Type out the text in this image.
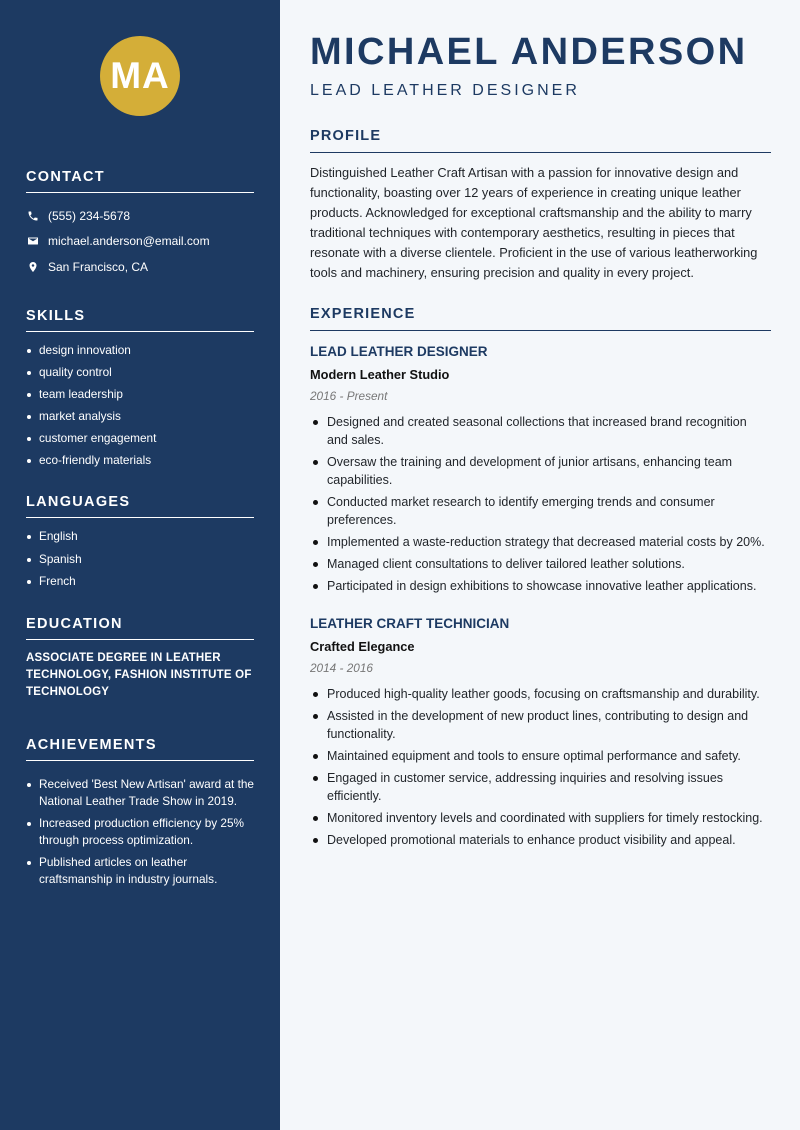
MA
CONTACT
(555) 234-5678
michael.anderson@email.com
San Francisco, CA
SKILLS
design innovation
quality control
team leadership
market analysis
customer engagement
eco-friendly materials
LANGUAGES
English
Spanish
French
EDUCATION

ASSOCIATE DEGREE IN LEATHER TECHNOLOGY, FASHION INSTITUTE OF TECHNOLOGY

ACHIEVEMENTS
Received 'Best New Artisan' award at the National Leather Trade Show in 2019.
Increased production efficiency by 25% through process optimization.
Published articles on leather craftsmanship in industry journals.
MICHAEL ANDERSON
LEAD LEATHER DESIGNER
PROFILE

Distinguished Leather Craft Artisan with a passion for innovative design and functionality, boasting over 12 years of experience in creating unique leather products. Acknowledged for exceptional craftsmanship and the ability to marry traditional techniques with contemporary aesthetics, resulting in pieces that resonate with a diverse clientele. Proficient in the use of various leatherworking tools and machinery, ensuring precision and quality in every project.

EXPERIENCE
LEAD LEATHER DESIGNER
Modern Leather Studio
2016 - Present
Designed and created seasonal collections that increased brand recognition and sales.
Oversaw the training and development of junior artisans, enhancing team capabilities.
Conducted market research to identify emerging trends and consumer preferences.
Implemented a waste-reduction strategy that decreased material costs by 20%.
Managed client consultations to deliver tailored leather solutions.
Participated in design exhibitions to showcase innovative leather applications.
LEATHER CRAFT TECHNICIAN
Crafted Elegance
2014 - 2016
Produced high-quality leather goods, focusing on craftsmanship and durability.
Assisted in the development of new product lines, contributing to design and functionality.
Maintained equipment and tools to ensure optimal performance and safety.
Engaged in customer service, addressing inquiries and resolving issues efficiently.
Monitored inventory levels and coordinated with suppliers for timely restocking.
Developed promotional materials to enhance product visibility and appeal.
